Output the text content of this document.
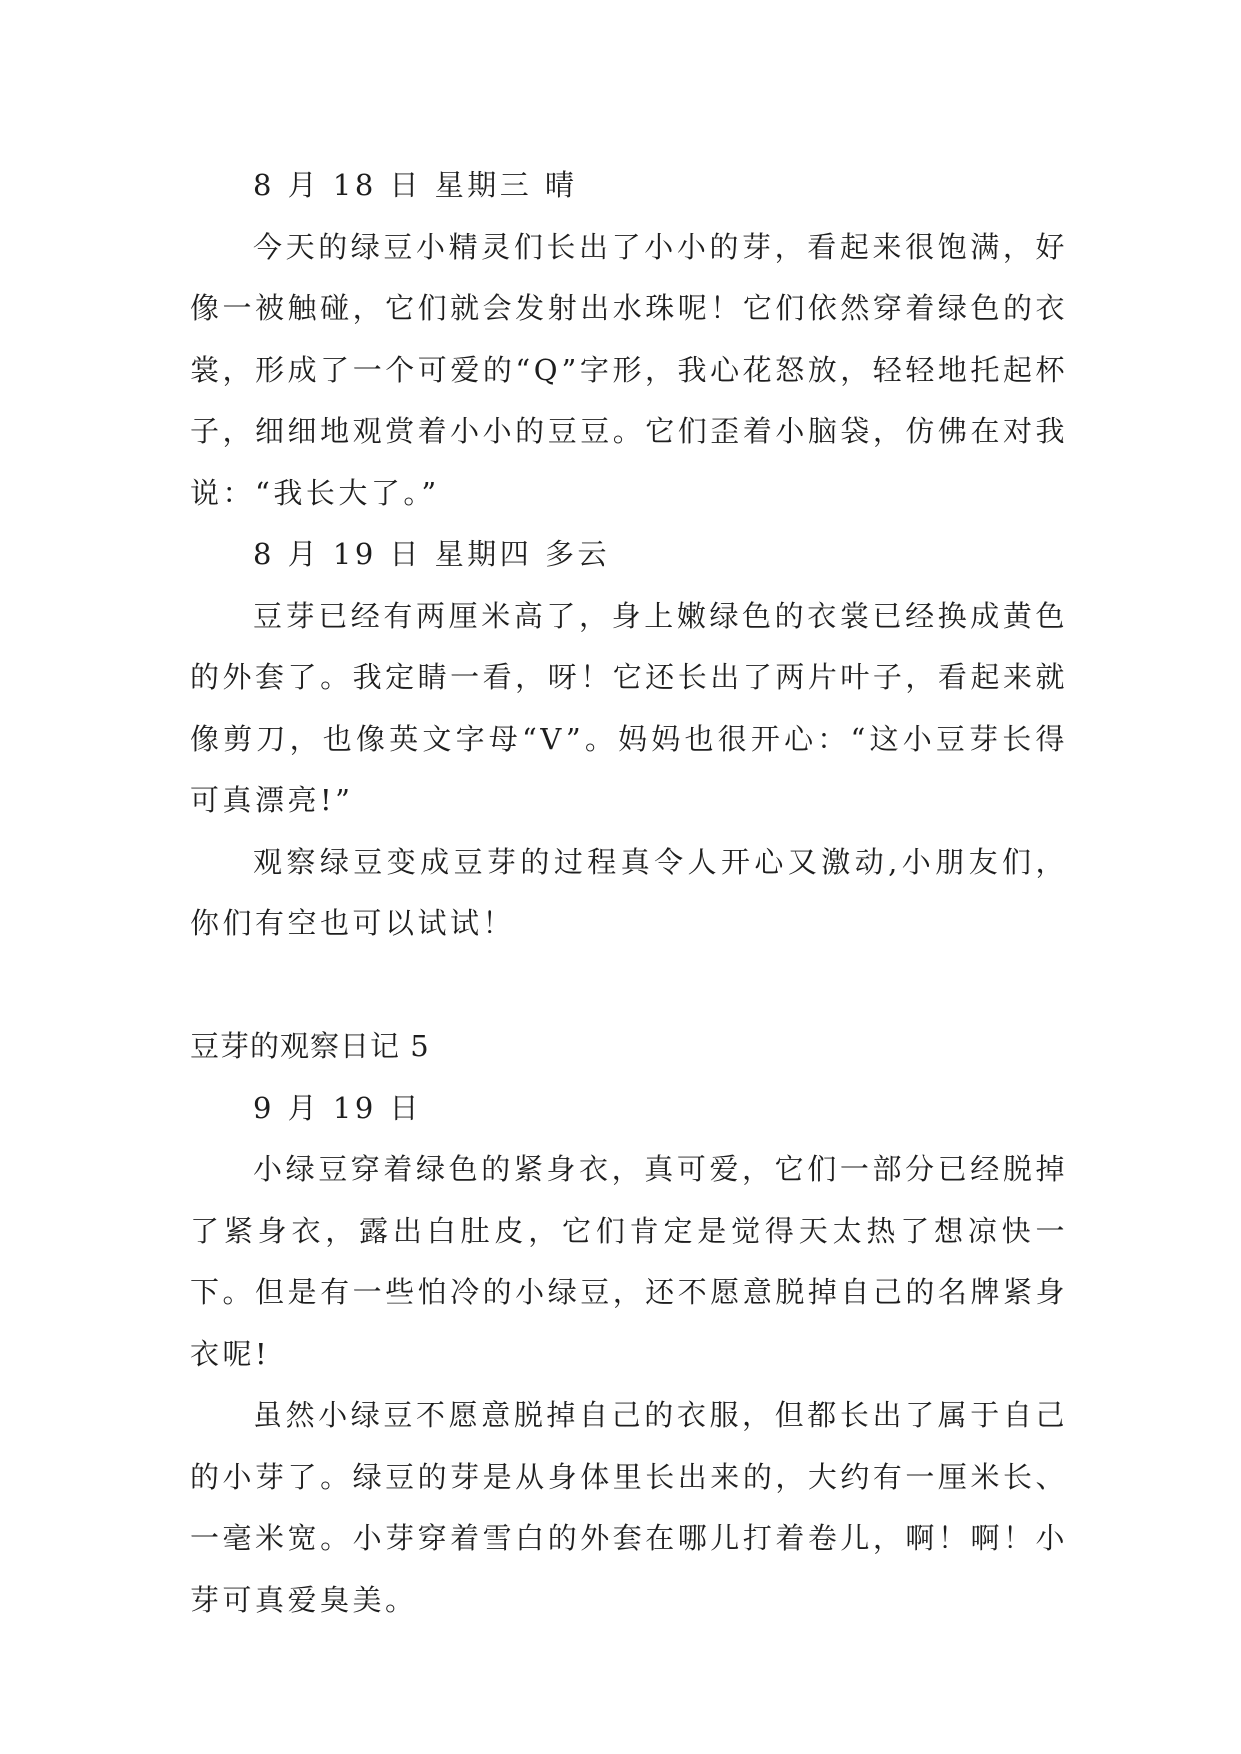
8 月 18 日 星期三 晴

今天的绿豆小精灵们长出了小小的芽，看起来很饱满，好像一被触碰，它们就会发射出水珠呢！它们依然穿着绿色的衣裳，形成了一个可爱的“Q”字形，我心花怒放，轻轻地托起杯子，细细地观赏着小小的豆豆。它们歪着小脑袋，仿佛在对我说：“我长大了。”

8 月 19 日 星期四 多云

豆芽已经有两厘米高了，身上嫩绿色的衣裳已经换成黄色的外套了。我定睛一看，呀！它还长出了两片叶子，看起来就像剪刀，也像英文字母“V”。妈妈也很开心：“这小豆芽长得可真漂亮!”

观察绿豆变成豆芽的过程真令人开心又激动,小朋友们，你们有空也可以试试！

豆芽的观察日记 5

9 月 19 日

小绿豆穿着绿色的紧身衣，真可爱，它们一部分已经脱掉了紧身衣，露出白肚皮，它们肯定是觉得天太热了想凉快一下。但是有一些怕冷的小绿豆，还不愿意脱掉自己的名牌紧身衣呢!

虽然小绿豆不愿意脱掉自己的衣服，但都长出了属于自己的小芽了。绿豆的芽是从身体里长出来的，大约有一厘米长、一毫米宽。小芽穿着雪白的外套在哪儿打着卷儿，啊！啊！小芽可真爱臭美。
